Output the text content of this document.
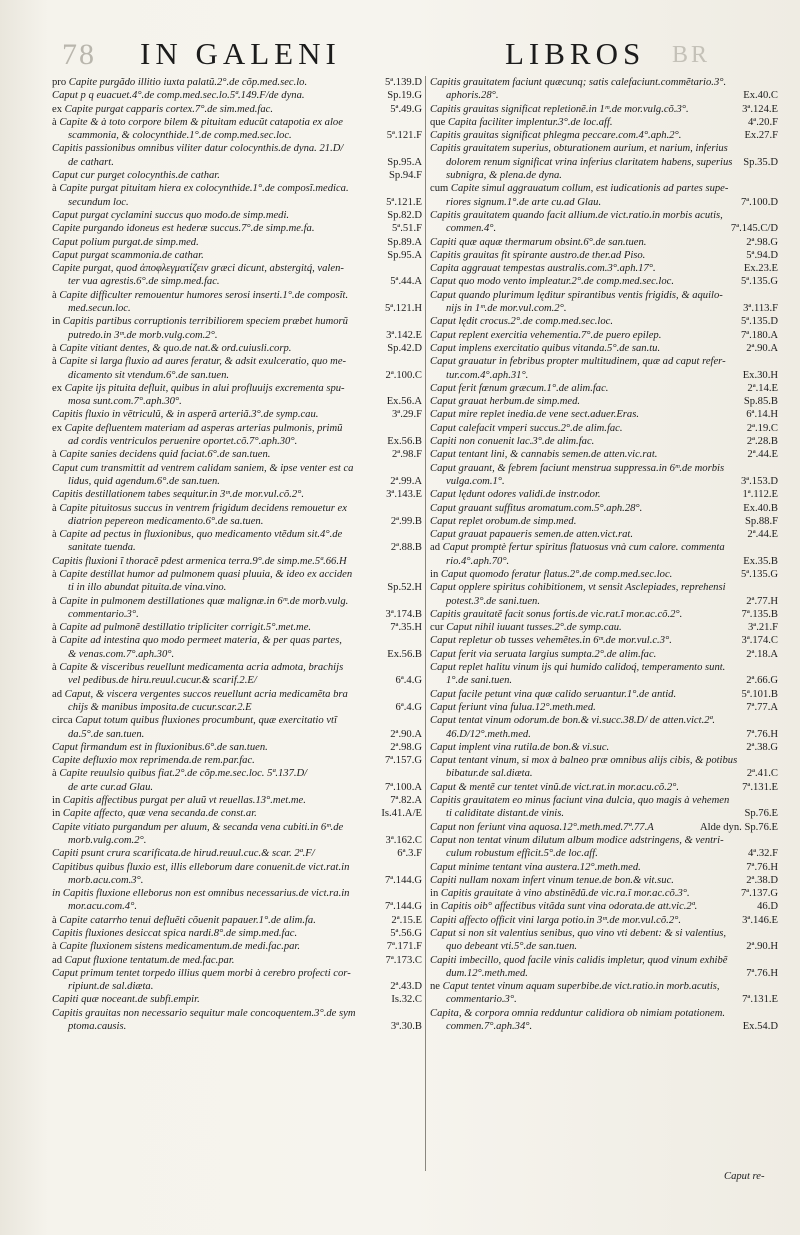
78 IN GALENI	LIBROS BR

5ª.139.D
pro Capite purgãdo illitio iuxta palatũ.2°.de cõp.med.sec.lo.

Sp.19.G
Caput p q euacuet.4°.de comp.med.sec.lo.5ª.149.F/de dyna.

5ª.49.G
ex Capite purgat capparis cortex.7°.de sim.med.fac.

à Capite & à toto corpore bilem & pituitam educũt catapotia ex aloe
5ª.121.F
scammonia, & colocynthide.1°.de comp.med.sec.loc.

Capitis passionibus omnibus viliter datur colocynthis.de dyna. 21.D/
Sp.95.A
de cathart.

Sp.94.F
Caput cur purget colocynthis.de cathar.

à Capite purgat pituitam hiera ex colocynthide.1°.de composĩ.medica.
5ª.121.E
secundum loc.

Sp.82.D
Caput purgat cyclamini succus quo modo.de simp.medi.

5ª.51.F
Capite purgando idoneus est hederæ succus.7°.de simp.me.fa.

Sp.89.A
Caput polium purgat.de simp.med.

Sp.95.A
Caput purgat scammonia.de cathar.

Capite purgat, quod ἀποφλεγματίζειν græci dicunt, abstergitq́, valen-
5ª.44.A
ter vua agrestis.6°.de simp.med.fac.

à Capite difficulter remouentur humores serosi inserti.1°.de composĩt.
5ª.121.H
med.secun.loc.

in Capitis partibus corruptionis terribiliorem speciem præbet humorũ
3ª.142.E
putredo.in 3ᵐ.de morb.vulg.com.2°.

Sp.42.D
à Capite vitiant dentes, & quo.de nat.& ord.cuiusli.corp.

à Capite si larga fluxio ad aures feratur, & adsit exulceratio, quo me-
2ª.100.C
dicamento sit vtendum.6°.de san.tuen.

ex Capite ijs pituita defluit, quibus in alui profluuijs excrementa spu-
Ex.56.A
mosa sunt.com.7°.aph.30°.

3ª.29.F
Capitis fluxio in vẽtriculũ, & in asperã arteriã.3°.de symp.cau.

ex Capite defluentem materiam ad asperas arterias pulmonis, primũ
Ex.56.B
ad cordis ventriculos peruenire oportet.cõ.7°.aph.30°.

2ª.98.F
à Capite sanies decidens quid faciat.6°.de san.tuen.

Caput cum transmittit ad ventrem calidam saniem, & ipse venter est ca
2ª.99.A
lidus, quid agendum.6°.de san.tuen.

3ª.143.E
Capitis destillationem tabes sequitur.in 3ᵐ.de mor.vul.cõ.2°.

à Capite pituitosus succus in ventrem frigidum decidens remouetur ex
2ª.99.B
diatrion pepereon medicamento.6°.de sa.tuen.

à Capite ad pectus in fluxionibus, quo medicamento vtẽdum sit.4°.de
2ª.88.B
sanitate tuenda.

Capitis fluxioni ĩ thoracẽ pdest armenica terra.9°.de simp.me.5ª.66.H

à Capite destillat humor ad pulmonem quasi pluuia, & ideo ex acciden
Sp.52.H
ti in illo abundat pituita.de vina.vino.

à Capite in pulmonem destillationes quæ malignæ.in 6ᵐ.de morb.vulg.
3ª.174.B
commentario.3°.

7ª.35.H
à Capite ad pulmonẽ destillatio tripliciter corrigit.5°.met.me.

à Capite ad intestina quo modo permeet materia, & per quas partes,
Ex.56.B
& venas.com.7°.aph.30°.

à Capite & visceribus reuellunt medicamenta acria admota, brachijs
6ª.4.G
vel pedibus.de hiru.reuul.cucur.& scarif.2.E/

ad Caput, & viscera vergentes succos reuellunt acria medicamẽta bra
6ª.4.G
chijs & manibus imposita.de cucur.scar.2.E

circa Caput totum quibus fluxiones procumbunt, quæ exercitatio vtĩ
2ª.90.A
da.5°.de san.tuen.

2ª.98.G
Caput firmandum est in fluxionibus.6°.de san.tuen.

7ª.157.G
Capite defluxio mox reprimenda.de rem.par.fac.

à Capite reuulsio quibus fiat.2°.de cõp.me.sec.loc. 5ª.137.D/
7ª.100.A
de arte cur.ad Glau.

7ª.82.A
in Capitis affectibus purgat per aluũ vt reuellas.13°.met.me.

Is.41.A/E
in Capite affecto, quæ vena secanda.de const.ar.

Capite vitiato purgandum per aluum, & secanda vena cubiti.in 6ᵐ.de
3ª.162.C
morb.vulg.com.2°.

6ª.3.F
Capiti psunt crura scarificata.de hirud.reuul.cuc.& scar. 2ª.F/

Capitibus quibus fluxio est, illis elleborum dare conuenit.de vict.rat.in
7ª.144.G
morb.acu.com.3°.

in Capitis fluxione elleborus non est omnibus necessarius.de vict.ra.in
7ª.144.G
mor.acu.com.4°.

2ª.15.E
à Capite catarrho tenui defluẽti cõuenit papauer.1°.de alim.fa.

5ª.56.G
Capitis fluxiones desiccat spica nardi.8°.de simp.med.fac.

7ª.171.F
à Capite fluxionem sistens medicamentum.de medi.fac.par.

7ª.173.C
ad Caput fluxione tentatum.de med.fac.par.

Caput primum tentet torpedo illius quem morbi à cerebro profecti cor-
2ª.43.D
ripiunt.de sal.diæta.

Is.32.C
Capiti quæ noceant.de subfi.empir.

Capitis grauitas non necessario sequitur male concoquentem.3°.de sym
3ª.30.B
ptoma.causis.

Capitis grauitatem faciunt quæcunq; satis calefaciunt.commẽtario.3°.
Ex.40.C
aphoris.28°.

3ª.124.E
Capitis grauitas significat repletionẽ.in 1ᵐ.de mor.vulg.cõ.3°.

4ª.20.F
que Capita faciliter implentur.3°.de loc.aff.

Ex.27.F
Capitis grauitas significat phlegma peccare.com.4°.aph.2°.

Capitis grauitatem superius, obturationem aurium, et narium, inferius
Sp.35.D
dolorem renum significat vrina inferius claritatem habens, superius subnigra, & plena.de dyna.

cum Capite simul aggrauatum collum, est iudicationis ad partes supe-
7ª.100.D
riores signum.1°.de arte cu.ad Glau.

Capitis grauitatem quando facit allium.de vict.ratio.in morbis acutis,
7ª.145.C/D
commen.4°.

2ª.98.G
Capiti quæ aquæ thermarum obsint.6°.de san.tuen.

5ª.94.D
Capitis grauitas fit spirante austro.de ther.ad Piso.

Ex.23.E
Capita aggrauat tempestas australis.com.3°.aph.17°.

5ª.135.G
Caput quo modo vento impleatur.2°.de comp.med.sec.loc.

Caput quando plurimum lęditur spirantibus ventis frigidis, & aquilo-
3ª.113.F
nijs in 1ᵐ.de mor.vul.com.2°.

5ª.135.D
Caput lędit crocus.2°.de comp.med.sec.loc.

7ª.180.A
Caput replent exercitia vehementia.7°.de puero epilep.

2ª.90.A
Caput implens exercitatio quibus vitanda.5°.de san.tu.

Caput grauatur in febribus propter multitudinem, quæ ad caput refer-
Ex.30.H
tur.com.4°.aph.31°.

2ª.14.E
Caput ferit fœnum græcum.1°.de alim.fac.

Sp.85.B
Caput grauat herbum.de simp.med.

6ª.14.H
Caput mire replet inedia.de vene sect.aduer.Eras.

2ª.19.C
Caput calefacit vmperi succus.2°.de alim.fac.

2ª.28.B
Capiti non conuenit lac.3°.de alim.fac.

2ª.44.E
Caput tentant lini, & cannabis semen.de atten.vic.rat.

Caput grauant, & febrem faciunt menstrua suppressa.in 6ᵐ.de morbis
3ª.153.D
vulga.com.1°.

1ª.112.E
Caput lędunt odores validi.de instr.odor.

Ex.40.B
Caput grauant suffitus aromatum.com.5°.aph.28°.

Sp.88.F
Caput replet orobum.de simp.med.

2ª.44.E
Caput grauat papaueris semen.de atten.vict.rat.

ad Caput promptè fertur spiritus flatuosus vnà cum calore. commenta
Ex.35.B
rio.4°.aph.70°.

5ª.135.G
in Caput quomodo feratur flatus.2°.de comp.med.sec.loc.

Caput opplere spiritus cohibitionem, vt sensit Asclepiades, reprehensi
2ª.77.H
potest.3°.de sani.tuen.

7ª.135.B
Capitis grauitatẽ facit sonus fortis.de vic.rat.ĩ mor.ac.cõ.2°.

3ª.21.F
cur Caput nihil iuuant tusses.2°.de symp.cau.

3ª.174.C
Caput repletur ob tusses vehemẽtes.in 6ᵐ.de mor.vul.c.3°.

2ª.18.A
Caput ferit via seruata largius sumpta.2°.de alim.fac.

Caput replet halitu vinum ijs qui humido calidoq́, temperamento sunt.
2ª.66.G
1°.de sani.tuen.

5ª.101.B
Caput facile petunt vina quæ calido seruantur.1°.de antid.

7ª.77.A
Caput feriunt vina fulua.12°.meth.med.

Caput tentat vinum odorum.de bon.& vi.succ.38.D/ de atten.vict.2ª.
7ª.76.H
46.D/12°.meth.med.

2ª.38.G
Caput implent vina rutila.de bon.& vi.suc.

Caput tentant vinum, si mox à balneo præ omnibus alijs cibis, & potibus
2ª.41.C
bibatur.de sal.diæta.

7ª.131.E
Caput & mentẽ cur tentet vinũ.de vict.rat.in mor.acu.cõ.2°.

Capitis grauitatem eo minus faciunt vina dulcia, quo magis à vehemen
Sp.76.E
ti caliditate distant.de vinis.

Alde dyn. Sp.76.E
Caput non feriunt vina aquosa.12°.meth.med.7ª.77.A

Caput non tentat vinum dilutum album modice adstringens, & ventri-
4ª.32.F
culum robustum efficit.5°.de loc.aff.

7ª.76.H
Caput minime tentant vina austera.12°.meth.med.

2ª.38.D
Capiti nullam noxam infert vinum tenue.de bon.& vit.suc.

7ª.137.G
in Capitis grauitate à vino abstinẽdũ.de vic.ra.ĩ mor.ac.cõ.3°.

46.D
in Capitis oib° affectibus vitãda sunt vina odorata.de att.vic.2ª.

3ª.146.E
Capiti affecto officit vini larga potio.in 3ᵐ.de mor.vul.cõ.2°.

Caput si non sit valentius senibus, quo vino vti debent: & si valentius,
2ª.90.H
quo debeant vti.5°.de san.tuen.

Capiti imbecillo, quod facile vinis calidis impletur, quod vinum exhibẽ
7ª.76.H
dum.12°.meth.med.

ne Caput tentet vinum aquam superbibe.de vict.ratio.in morb.acutis,
7ª.131.E
commentario.3°.

Capita, & corpora omnia redduntur calidiora ob nimiam potationem.
Ex.54.D
commen.7°.aph.34°.

Caput re-
